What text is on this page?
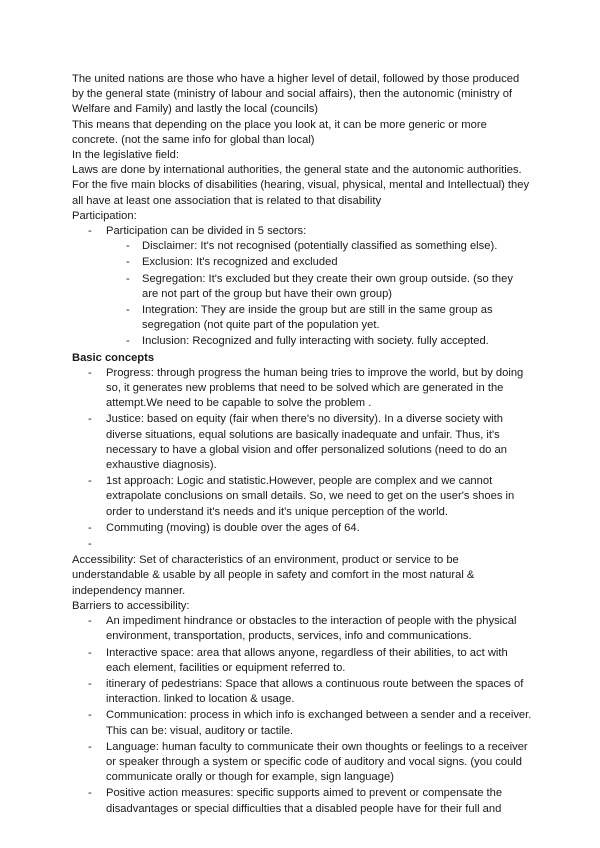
The united nations are those who have a higher level of detail, followed by those produced by the general state (ministry of labour and social affairs), then the autonomic (ministry of Welfare and Family) and lastly the local (councils)

This means that depending on the place you look at, it can be more generic or more concrete. (not the same info for global than local)

In the legislative field:

Laws are done by international authorities, the general state and the autonomic authorities. For the five main blocks of disabilities (hearing, visual, physical, mental and Intellectual) they all have at least one association that is related to that disability

Participation:

- Participation can be divided in 5 sectors:
- Disclaimer: It's not recognised (potentially classified as something else).
- Exclusion: It's recognized and excluded
- Segregation: It's excluded but they create their own group outside. (so they are not part of the group but have their own group)
- Integration: They are inside the group but are still in the same group as segregation (not quite part of the population yet.
- Inclusion: Recognized and fully interacting with society. fully accepted.

Basic concepts

- Progress: through progress the human being tries to improve the world, but by doing so, it generates new problems that need to be solved which are generated in the attempt.We need to be capable to solve the problem .
- Justice: based on equity (fair when there's no diversity). In a diverse society with diverse situations, equal solutions are basically inadequate and unfair. Thus, it's necessary to have a global vision and offer personalized solutions (need to do an exhaustive diagnosis).
- 1st approach: Logic and statistic.However, people are complex and we cannot extrapolate conclusions on small details. So, we need to get on the user's shoes in order to understand it's needs and it's unique perception of the world.
- Commuting (moving) is double over the ages of 64.
-

Accessibility: Set of characteristics of an environment, product or service to be understandable & usable by all people in safety and comfort in the most natural & independency manner.

Barriers to accessibility:

- An impediment hindrance or obstacles to the interaction of people with the physical environment, transportation, products, services, info and communications.
- Interactive space: area that allows anyone, regardless of their abilities, to act with each element, facilities or equipment referred to.
- itinerary of pedestrians: Space that allows a continuous route between the spaces of interaction. linked to location & usage.
- Communication: process in which info is exchanged between a sender and a receiver. This can be: visual, auditory or tactile.
- Language: human faculty to communicate their own thoughts or feelings to a receiver or speaker through a system or specific code of auditory and vocal signs. (you could communicate orally or though for example, sign language)
- Positive action measures: specific supports aimed to prevent or compensate the disadvantages or special difficulties that a disabled people have for their full and
